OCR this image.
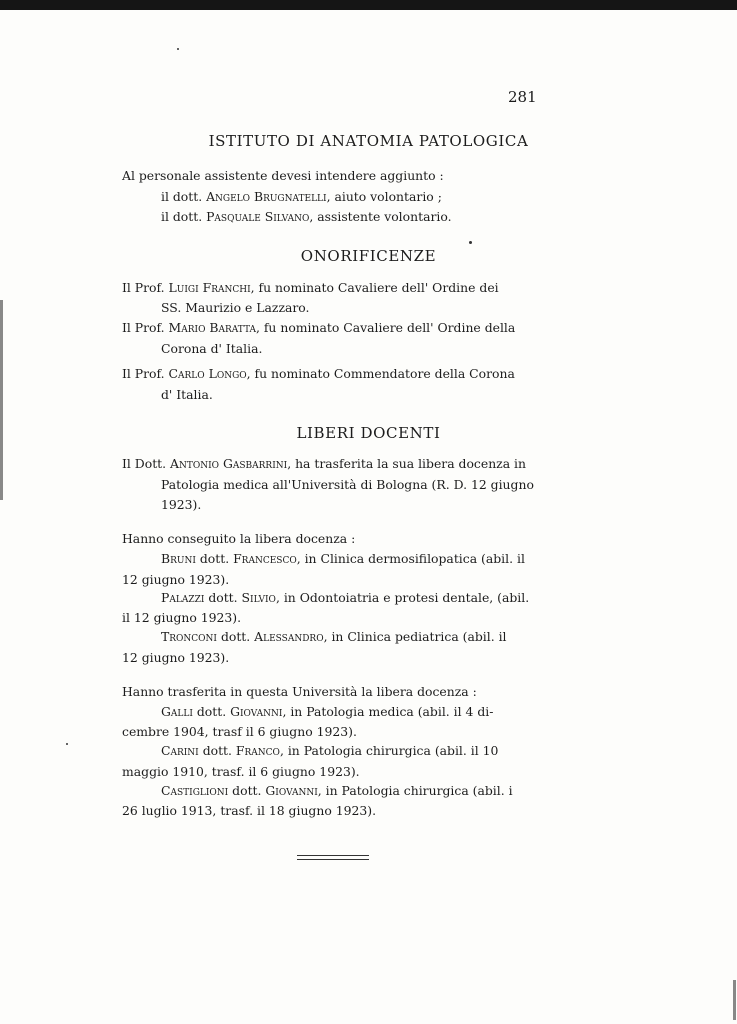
281
ISTITUTO DI ANATOMIA PATOLOGICA
Al personale assistente devesi intendere aggiunto :
il dott. Angelo Brugnatelli, aiuto volontario ;
il dott. Pasquale Silvano, assistente volontario.
ONORIFICENZE
Il Prof. Luigi Franchi, fu nominato Cavaliere dell' Ordine dei
SS. Maurizio e Lazzaro.
Il Prof. Mario Baratta, fu nominato Cavaliere dell' Ordine della
Corona d' Italia.
Il Prof. Carlo Longo, fu nominato Commendatore della Corona
d' Italia.
LIBERI DOCENTI
Il Dott. Antonio Gasbarrini, ha trasferita la sua libera docenza in
Patologia medica all'Università di Bologna (R. D. 12 giugno
1923).
Hanno conseguito la libera docenza :
Bruni dott. Francesco, in Clinica dermosifilopatica (abil. il
12 giugno 1923).
Palazzi dott. Silvio, in Odontoiatria e protesi dentale, (abil.
il 12 giugno 1923).
Tronconi dott. Alessandro, in Clinica pediatrica (abil. il
12 giugno 1923).
Hanno trasferita in questa Università la libera docenza :
Galli dott. Giovanni, in Patologia medica (abil. il 4 di-
cembre 1904, trasf il 6 giugno 1923).
Carini dott. Franco, in Patologia chirurgica (abil. il 10
maggio 1910, trasf. il 6 giugno 1923).
Castiglioni dott. Giovanni, in Patologia chirurgica (abil. i
26 luglio 1913, trasf. il 18 giugno 1923).
